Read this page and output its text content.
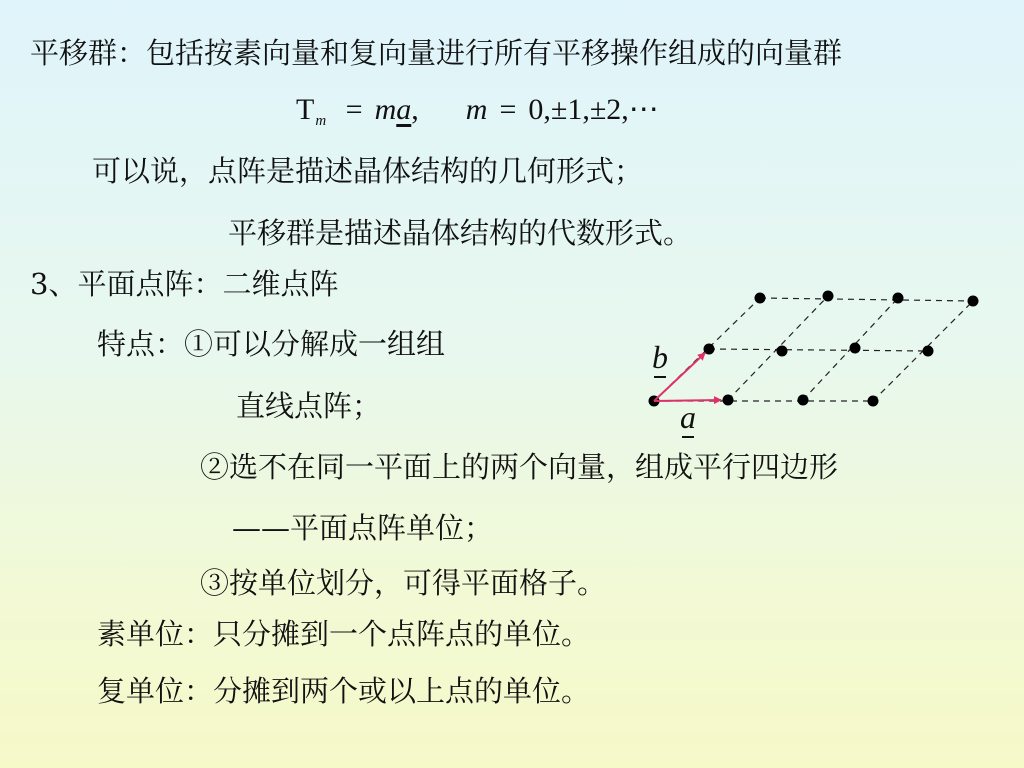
平移群：包括按素向量和复向量进行所有平移操作组成的向量群
$T_m$ = ma, m = 0,±1,±2,⋯
可以说，点阵是描述晶体结构的几何形式；
平移群是描述晶体结构的代数形式。
3、平面点阵：二维点阵
特点：①可以分解成一组组
直线点阵；
②选不在同一平面上的两个向量，组成平行四边形
——平面点阵单位；
③按单位划分，可得平面格子。
素单位：只分摊到一个点阵点的单位。
复单位：分摊到两个或以上点的单位。
b
a
